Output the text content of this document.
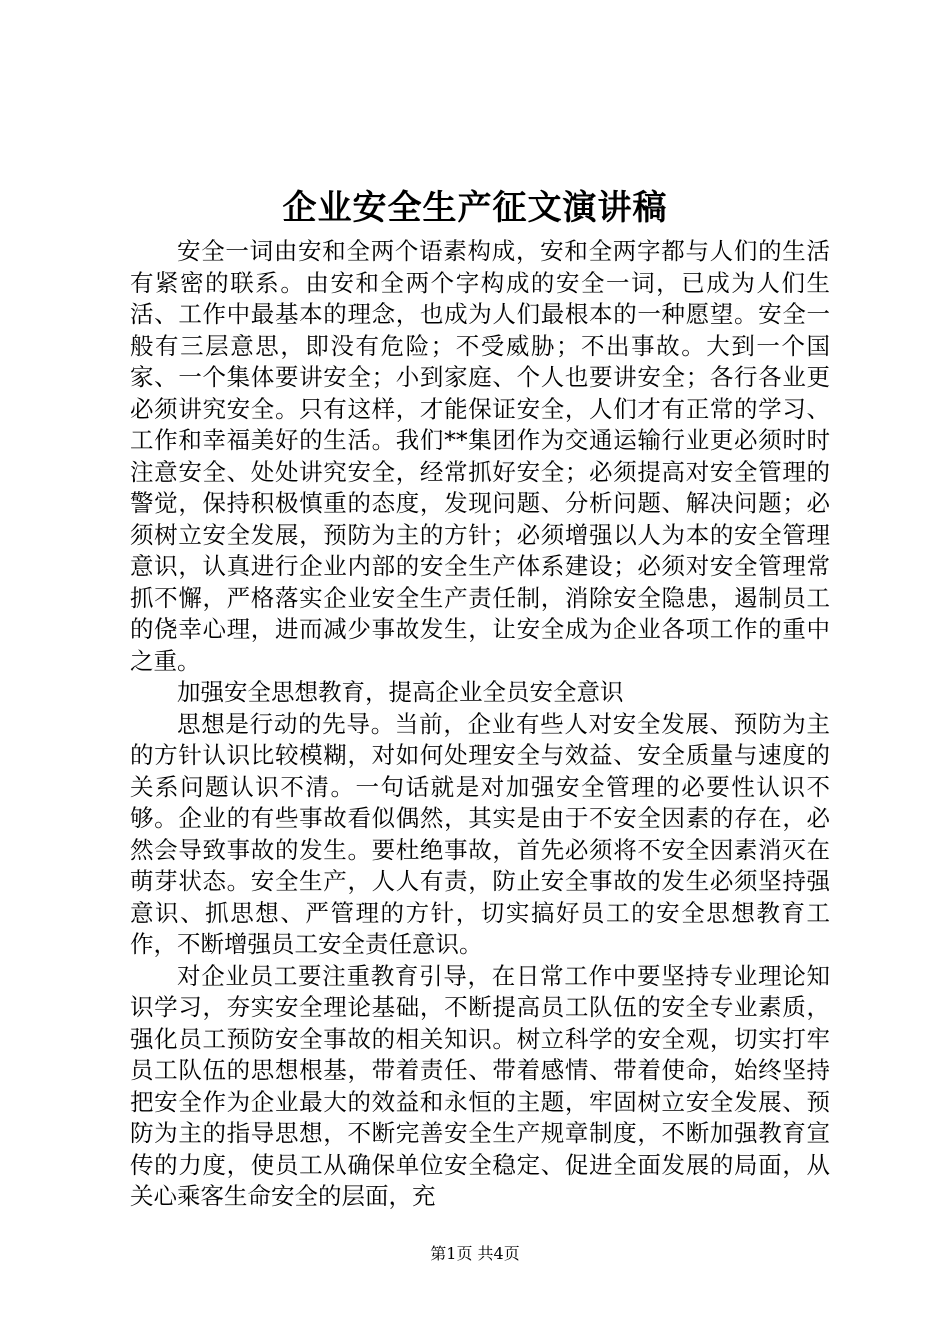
企业安全生产征文演讲稿

安全一词由安和全两个语素构成，安和全两字都与人们的生活有紧密的联系。由安和全两个字构成的安全一词，已成为人们生活、工作中最基本的理念，也成为人们最根本的一种愿望。安全一般有三层意思，即没有危险；不受威胁；不出事故。大到一个国家、一个集体要讲安全；小到家庭、个人也要讲安全；各行各业更必须讲究安全。只有这样，才能保证安全，人们才有正常的学习、工作和幸福美好的生活。我们**集团作为交通运输行业更必须时时注意安全、处处讲究安全，经常抓好安全；必须提高对安全管理的警觉，保持积极慎重的态度，发现问题、分析问题、解决问题；必须树立安全发展，预防为主的方针；必须增强以人为本的安全管理意识，认真进行企业内部的安全生产体系建设；必须对安全管理常抓不懈，严格落实企业安全生产责任制，消除安全隐患，遏制员工的侥幸心理，进而减少事故发生，让安全成为企业各项工作的重中之重。

加强安全思想教育，提高企业全员安全意识

思想是行动的先导。当前，企业有些人对安全发展、预防为主的方针认识比较模糊，对如何处理安全与效益、安全质量与速度的关系问题认识不清。一句话就是对加强安全管理的必要性认识不够。企业的有些事故看似偶然，其实是由于不安全因素的存在，必然会导致事故的发生。要杜绝事故，首先必须将不安全因素消灭在萌芽状态。安全生产，人人有责，防止安全事故的发生必须坚持强意识、抓思想、严管理的方针，切实搞好员工的安全思想教育工作，不断增强员工安全责任意识。

对企业员工要注重教育引导，在日常工作中要坚持专业理论知识学习，夯实安全理论基础，不断提高员工队伍的安全专业素质，强化员工预防安全事故的相关知识。树立科学的安全观，切实打牢员工队伍的思想根基，带着责任、带着感情、带着使命，始终坚持把安全作为企业最大的效益和永恒的主题，牢固树立安全发展、预防为主的指导思想，不断完善安全生产规章制度，不断加强教育宣传的力度，使员工从确保单位安全稳定、促进全面发展的局面，从关心乘客生命安全的层面，充

第1页 共4页
